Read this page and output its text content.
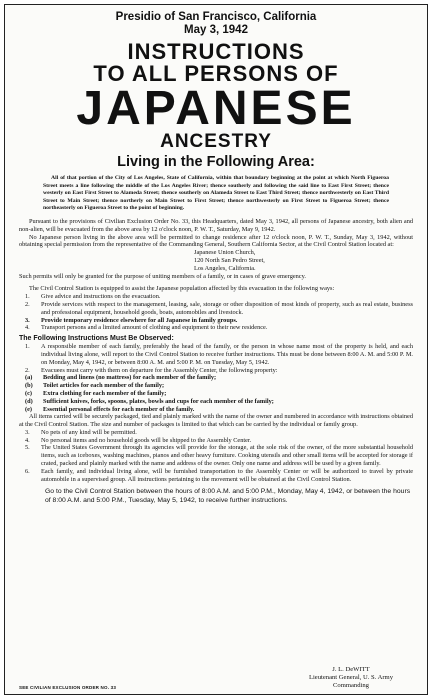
Presidio of San Francisco, California
May 3, 1942
INSTRUCTIONS
TO ALL PERSONS OF
JAPANESE
ANCESTRY
Living in the Following Area:
All of that portion of the City of Los Angeles, State of California, within that boundary beginning at the point at which North Figueroa Street meets a line following the middle of the Los Angeles River; thence southerly and following the said line to East First Street; thence westerly on East First Street to Alameda Street; thence southerly on Alameda Street to East Third Street; thence northwesterly on East Third Street to Main Street; thence northerly on Main Street to First Street; thence northwesterly on First Street to Figueroa Street; thence northeasterly on Figueroa Street to the point of beginning.
Pursuant to the provisions of Civilian Exclusion Order No. 33, this Headquarters, dated May 3, 1942, all persons of Japanese ancestry, both alien and non-alien, will be evacuated from the above area by 12 o'clock noon, P. W. T., Saturday, May 9, 1942.
No Japanese person living in the above area will be permitted to change residence after 12 o'clock noon, P. W. T., Sunday, May 3, 1942, without obtaining special permission from the representative of the Commanding General, Southern California Sector, at the Civil Control Station located at:
Japanese Union Church,
120 North San Pedro Street,
Los Angeles, California.
Such permits will only be granted for the purpose of uniting members of a family, or in cases of grave emergency.
The Civil Control Station is equipped to assist the Japanese population affected by this evacuation in the following ways:
1.	Give advice and instructions on the evacuation.
2.	Provide services with respect to the management, leasing, sale, storage or other disposition of most kinds of property, such as real estate, business and professional equipment, household goods, boats, automobiles and livestock.
3.	Provide temporary residence elsewhere for all Japanese in family groups.
4.	Transport persons and a limited amount of clothing and equipment to their new residence.
The Following Instructions Must Be Observed:
1.	A responsible member of each family, preferably the head of the family, or the person in whose name most of the property is held, and each individual living alone, will report to the Civil Control Station to receive further instructions. This must be done between 8:00 A. M. and 5:00 P. M. on Monday, May 4, 1942, or between 8:00 A. M. and 5:00 P. M. on Tuesday, May 5, 1942.
2.	Evacuees must carry with them on departure for the Assembly Center, the following property:
(a)	Bedding and linens (no mattress) for each member of the family;
(b)	Toilet articles for each member of the family;
(c)	Extra clothing for each member of the family;
(d)	Sufficient knives, forks, spoons, plates, bowls and cups for each member of the family;
(e)	Essential personal effects for each member of the family.
All items carried will be securely packaged, tied and plainly marked with the name of the owner and numbered in accordance with instructions obtained at the Civil Control Station. The size and number of packages is limited to that which can be carried by the individual or family group.
3.	No pets of any kind will be permitted.
4.	No personal items and no household goods will be shipped to the Assembly Center.
5.	The United States Government through its agencies will provide for the storage, at the sole risk of the owner, of the more substantial household items, such as iceboxes, washing machines, pianos and other heavy furniture. Cooking utensils and other small items will be accepted for storage if crated, packed and plainly marked with the name and address of the owner. Only one name and address will be used by a given family.
6.	Each family, and individual living alone, will be furnished transportation to the Assembly Center or will be authorized to travel by private automobile in a supervised group. All instructions pertaining to the movement will be obtained at the Civil Control Station.
Go to the Civil Control Station between the hours of 8:00 A.M. and 5:00 P.M., Monday, May 4, 1942, or between the hours of 8:00 A.M. and 5:00 P.M., Tuesday, May 5, 1942, to receive further instructions.
SEE CIVILIAN EXCLUSION ORDER NO. 33
J. L. DeWITT
Lieutenant General, U. S. Army
Commanding
